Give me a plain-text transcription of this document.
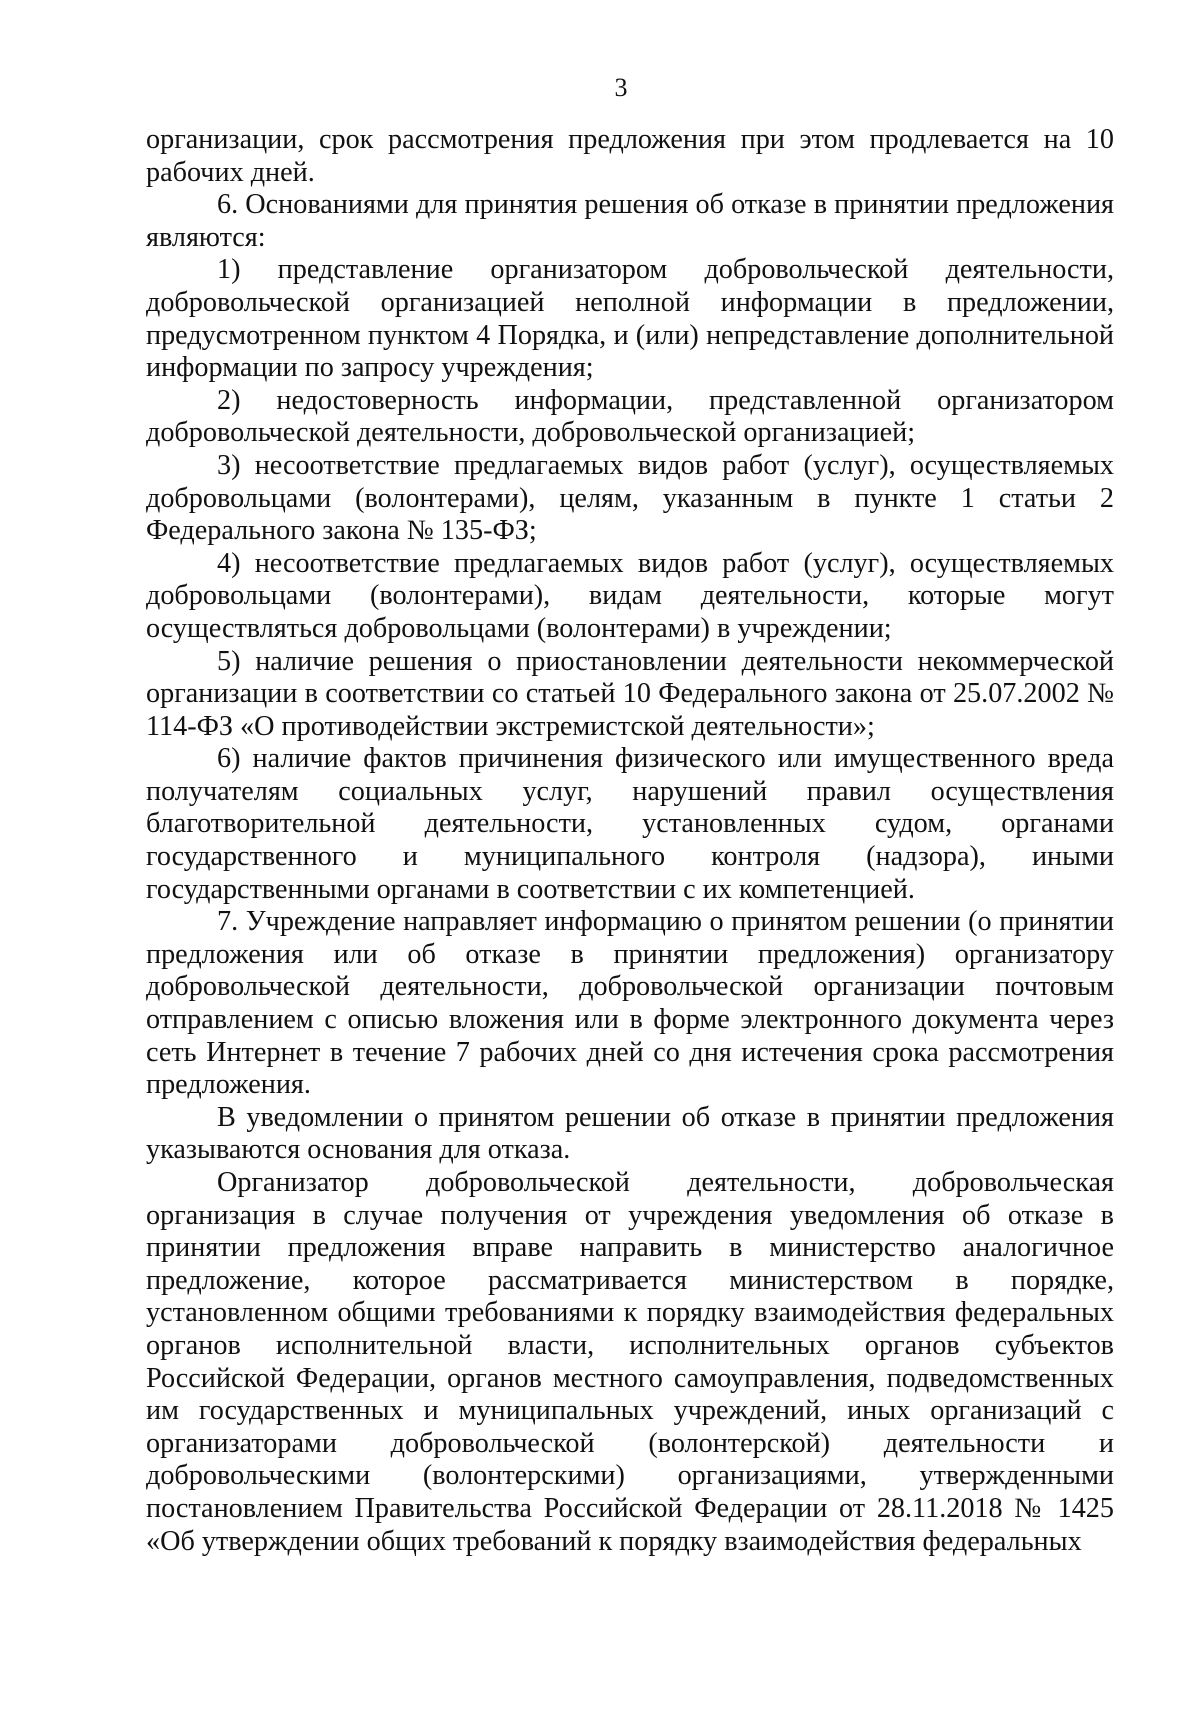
3

организации, срок рассмотрения предложения при этом продлевается на 10 рабочих дней.

6. Основаниями для принятия решения об отказе в принятии предложения являются:

1) представление организатором добровольческой деятельности, добровольческой организацией неполной информации в предложении, предусмотренном пунктом 4 Порядка, и (или) непредставление дополнительной информации по запросу учреждения;

2) недостоверность информации, представленной организатором добровольческой деятельности, добровольческой организацией;

3) несоответствие предлагаемых видов работ (услуг), осуществляемых добровольцами (волонтерами), целям, указанным в пункте 1 статьи 2 Федерального закона № 135-ФЗ;

4) несоответствие предлагаемых видов работ (услуг), осуществляемых добровольцами (волонтерами), видам деятельности, которые могут осуществляться добровольцами (волонтерами) в учреждении;

5) наличие решения о приостановлении деятельности некоммерческой организации в соответствии со статьей 10 Федерального закона от 25.07.2002 № 114-ФЗ «О противодействии экстремистской деятельности»;

6) наличие фактов причинения физического или имущественного вреда получателям социальных услуг, нарушений правил осуществления благотворительной деятельности, установленных судом, органами государственного и муниципального контроля (надзора), иными государственными органами в соответствии с их компетенцией.

7. Учреждение направляет информацию о принятом решении (о принятии предложения или об отказе в принятии предложения) организатору добровольческой деятельности, добровольческой организации почтовым отправлением с описью вложения или в форме электронного документа через сеть Интернет в течение 7 рабочих дней со дня истечения срока рассмотрения предложения.

В уведомлении о принятом решении об отказе в принятии предложения указываются основания для отказа.

Организатор добровольческой деятельности, добровольческая организация в случае получения от учреждения уведомления об отказе в принятии предложения вправе направить в министерство аналогичное предложение, которое рассматривается министерством в порядке, установленном общими требованиями к порядку взаимодействия федеральных органов исполнительной власти, исполнительных органов субъектов Российской Федерации, органов местного самоуправления, подведомственных им государственных и муниципальных учреждений, иных организаций с организаторами добровольческой (волонтерской) деятельности и добровольческими (волонтерскими) организациями, утвержденными постановлением Правительства Российской Федерации от 28.11.2018 № 1425 «Об утверждении общих требований к порядку взаимодействия федеральных
